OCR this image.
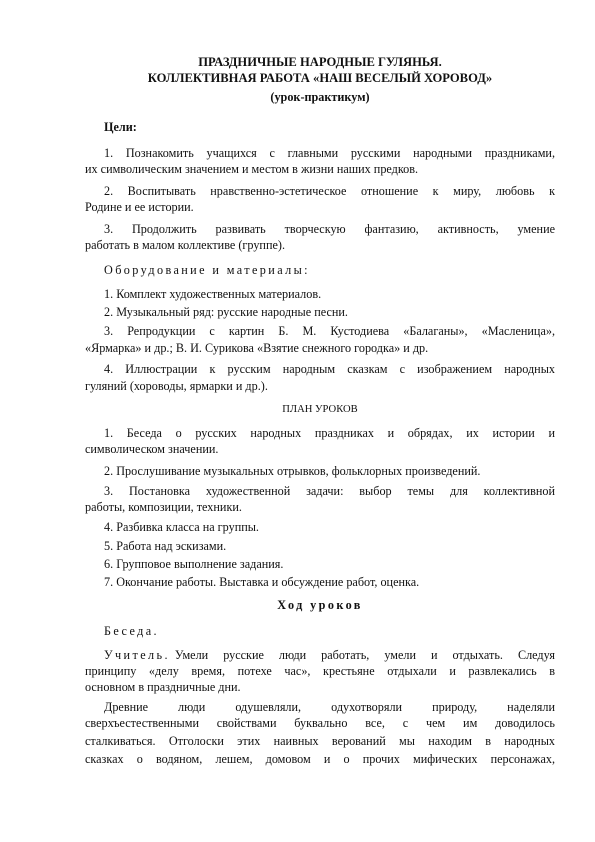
ПРАЗДНИЧНЫЕ НАРОДНЫЕ ГУЛЯНЬЯ.
КОЛЛЕКТИВНАЯ РАБОТА «НАШ ВЕСЕЛЫЙ ХОРОВОД»
(урок-практикум)
Цели:
1. Познакомить учащихся с главными русскими народными праздниками,
их символическим значением и местом в жизни наших предков.
2. Воспитывать нравственно-эстетическое отношение к миру, любовь к
Родине и ее истории.
3. Продолжить развивать творческую фантазию, активность, умение
работать в малом коллективе (группе).
Оборудование и материалы:
1. Комплект художественных материалов.
2. Музыкальный ряд: русские народные песни.
3. Репродукции с картин Б. М. Кустодиева «Балаганы», «Масленица»,
«Ярмарка» и др.; В. И. Сурикова «Взятие снежного городка» и др.
4. Иллюстрации к русским народным сказкам с изображением народных
гуляний (хороводы, ярмарки и др.).
ПЛАН УРОКОВ
1. Беседа о русских народных праздниках и обрядах, их истории и
символическом значении.
2. Прослушивание музыкальных отрывков, фольклорных произведений.
3. Постановка художественной задачи: выбор темы для коллективной
работы, композиции, техники.
4. Разбивка класса на группы.
5. Работа над эскизами.
6. Групповое выполнение задания.
7. Окончание работы. Выставка и обсуждение работ, оценка.
Ход уроков
Беседа.
Учитель. Умели русские люди работать, умели и отдыхать. Следуя
принципу «делу время, потехе час», крестьяне отдыхали и развлекались в
основном в праздничные дни.
Древние люди одушевляли, одухотворяли природу, наделяли
сверхъестественными свойствами буквально все, с чем им доводилось
сталкиваться. Отголоски этих наивных верований мы находим в народных
сказках о водяном, лешем, домовом и о прочих мифических персонажах,
